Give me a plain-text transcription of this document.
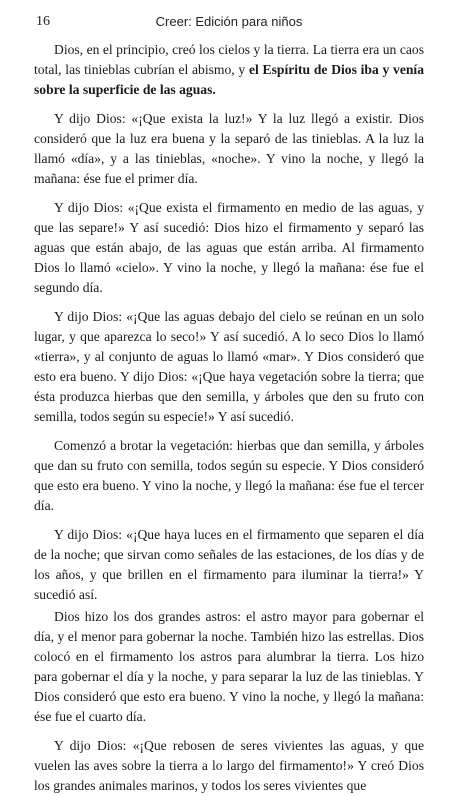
16	Creer: Edición para niños

Dios, en el principio, creó los cielos y la tierra. La tierra era un caos total, las tinieblas cubrían el abismo, y el Espíritu de Dios iba y venía sobre la superficie de las aguas.

Y dijo Dios: «¡Que exista la luz!» Y la luz llegó a existir. Dios consideró que la luz era buena y la separó de las tinieblas. A la luz la llamó «día», y a las tinieblas, «noche». Y vino la noche, y llegó la mañana: ése fue el primer día.

Y dijo Dios: «¡Que exista el firmamento en medio de las aguas, y que las separe!» Y así sucedió: Dios hizo el firmamento y separó las aguas que están abajo, de las aguas que están arriba. Al firmamento Dios lo llamó «cielo». Y vino la noche, y llegó la mañana: ése fue el segundo día.

Y dijo Dios: «¡Que las aguas debajo del cielo se reúnan en un solo lugar, y que aparezca lo seco!» Y así sucedió. A lo seco Dios lo llamó «tierra», y al conjunto de aguas lo llamó «mar». Y Dios consideró que esto era bueno. Y dijo Dios: «¡Que haya vegetación sobre la tierra; que ésta produzca hierbas que den semilla, y árboles que den su fruto con semilla, todos según su especie!» Y así sucedió.

Comenzó a brotar la vegetación: hierbas que dan semilla, y árboles que dan su fruto con semilla, todos según su especie. Y Dios consideró que esto era bueno. Y vino la noche, y llegó la mañana: ése fue el tercer día.

Y dijo Dios: «¡Que haya luces en el firmamento que separen el día de la noche; que sirvan como señales de las estaciones, de los días y de los años, y que brillen en el firmamento para iluminar la tierra!» Y sucedió así.

Dios hizo los dos grandes astros: el astro mayor para gobernar el día, y el menor para gobernar la noche. También hizo las estrellas. Dios colocó en el firmamento los astros para alumbrar la tierra. Los hizo para gobernar el día y la noche, y para separar la luz de las tinieblas. Y Dios consideró que esto era bueno. Y vino la noche, y llegó la mañana: ése fue el cuarto día.

Y dijo Dios: «¡Que rebosen de seres vivientes las aguas, y que vuelen las aves sobre la tierra a lo largo del firmamento!» Y creó Dios los grandes animales marinos, y todos los seres vivientes que
